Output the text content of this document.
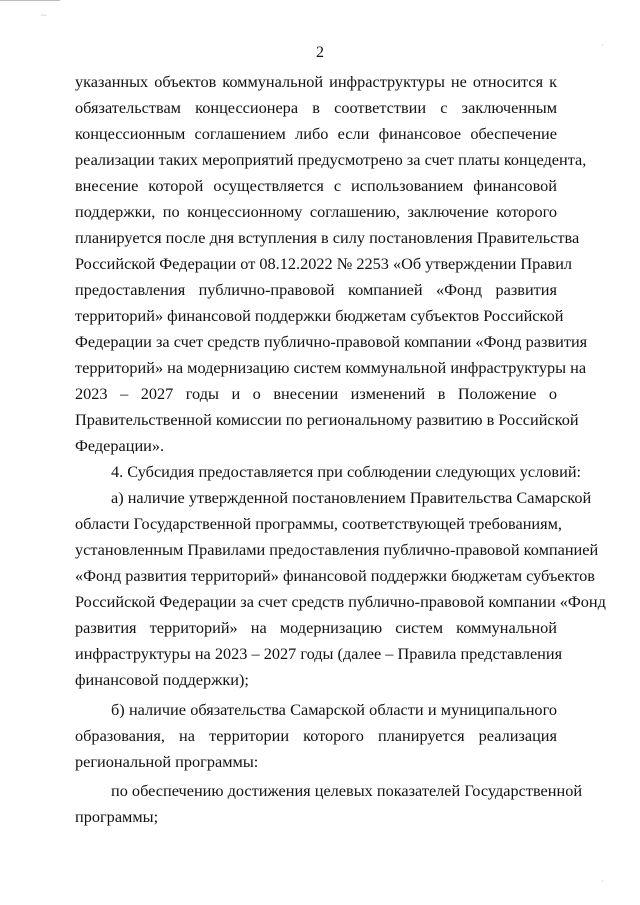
∼
·
·
2
указанных объектов коммунальной инфраструктуры не относится к
обязательствам концессионера в соответствии с заключенным
концессионным соглашением либо если финансовое обеспечение
реализации таких мероприятий предусмотрено за счет платы концедента,
внесение которой осуществляется с использованием финансовой
поддержки, по концессионному соглашению, заключение которого
планируется после дня вступления в силу постановления Правительства
Российской Федерации от 08.12.2022 № 2253 «Об утверждении Правил
предоставления публично-правовой компанией «Фонд развития
территорий» финансовой поддержки бюджетам субъектов Российской
Федерации за счет средств публично-правовой компании «Фонд развития
территорий» на модернизацию систем коммунальной инфраструктуры на
2023 – 2027 годы и о внесении изменений в Положение о
Правительственной комиссии по региональному развитию в Российской
Федерации».
4. Субсидия предоставляется при соблюдении следующих условий:
а) наличие утвержденной постановлением Правительства Самарской
области Государственной программы, соответствующей требованиям,
установленным Правилами предоставления публично-правовой компанией
«Фонд развития территорий» финансовой поддержки бюджетам субъектов
Российской Федерации за счет средств публично-правовой компании «Фонд
развития территорий» на модернизацию систем коммунальной
инфраструктуры на 2023 – 2027 годы (далее – Правила представления
финансовой поддержки);
б) наличие обязательства Самарской области и муниципального
образования, на территории которого планируется реализация
региональной программы:
по обеспечению достижения целевых показателей Государственной
программы;
